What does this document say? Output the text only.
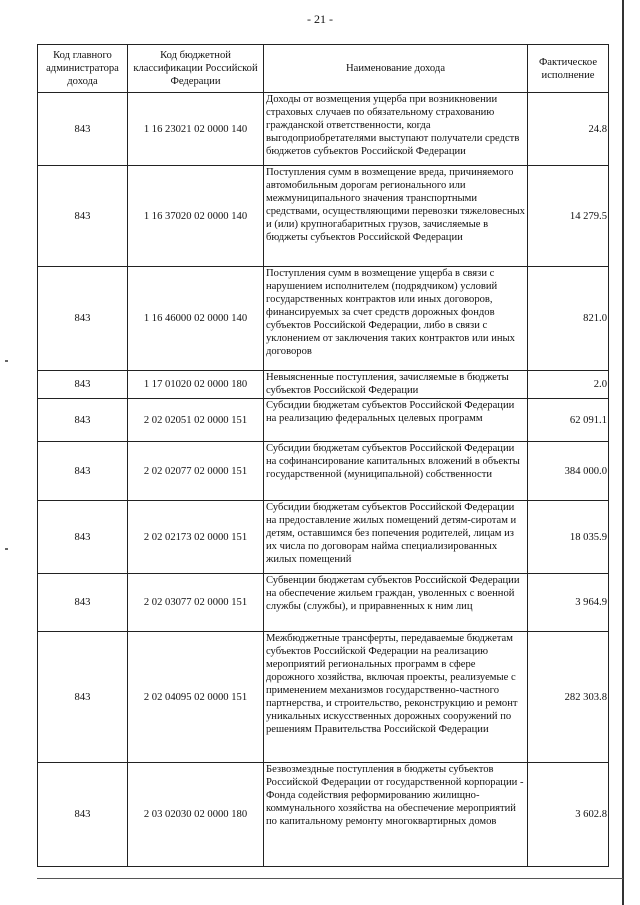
- 21 -
Код главного администратора дохода	Код бюджетной классификации Российской Федерации	Наименование дохода	Фактическое исполнение
843	1 16 23021 02 0000 140	Доходы от возмещения ущерба при возникновении страховых случаев по обязательному страхованию гражданской ответственности, когда выгодоприобретателями выступают получатели средств бюджетов субъектов Российской Федерации	24.8
843	1 16 37020 02 0000 140	Поступления сумм в возмещение вреда, причиняемого автомобильным дорогам регионального или межмуниципального значения транспортными средствами, осуществляющими перевозки тяжеловесных и (или) крупногабаритных грузов, зачисляемые в бюджеты субъектов Российской Федерации	14 279.5
843	1 16 46000 02 0000 140	Поступления сумм в возмещение ущерба в связи с нарушением исполнителем (подрядчиком) условий государственных контрактов или иных договоров, финансируемых за счет средств дорожных фондов субъектов Российской Федерации, либо в связи с уклонением от заключения таких контрактов или иных договоров	821.0
843	1 17 01020 02 0000 180	Невыясненные поступления, зачисляемые в бюджеты субъектов Российской Федерации	2.0
843	2 02 02051 02 0000 151	Субсидии бюджетам субъектов Российской Федерации на реализацию федеральных целевых программ	62 091.1
843	2 02 02077 02 0000 151	Субсидии бюджетам субъектов Российской Федерации на софинансирование капитальных вложений в объекты государственной (муниципальной) собственности	384 000.0
843	2 02 02173 02 0000 151	Субсидии бюджетам субъектов Российской Федерации на предоставление жилых помещений детям-сиротам и детям, оставшимся без попечения родителей, лицам из их числа по договорам найма специализированных жилых помещений	18 035.9
843	2 02 03077 02 0000 151	Субвенции бюджетам субъектов Российской Федерации на обеспечение жильем граждан, уволенных с военной службы (службы), и приравненных к ним лиц	3 964.9
843	2 02 04095 02 0000 151	Межбюджетные трансферты, передаваемые бюджетам субъектов Российской Федерации на реализацию мероприятий региональных программ в сфере дорожного хозяйства, включая проекты, реализуемые с применением механизмов государственно-частного партнерства, и строительство, реконструкцию и ремонт уникальных искусственных дорожных сооружений по решениям Правительства Российской Федерации	282 303.8
843	2 03 02030 02 0000 180	Безвозмездные поступления в бюджеты субъектов Российской Федерации от государственной корпорации - Фонда содействия реформированию жилищно-коммунального хозяйства на обеспечение мероприятий по капитальному ремонту многоквартирных домов	3 602.8
